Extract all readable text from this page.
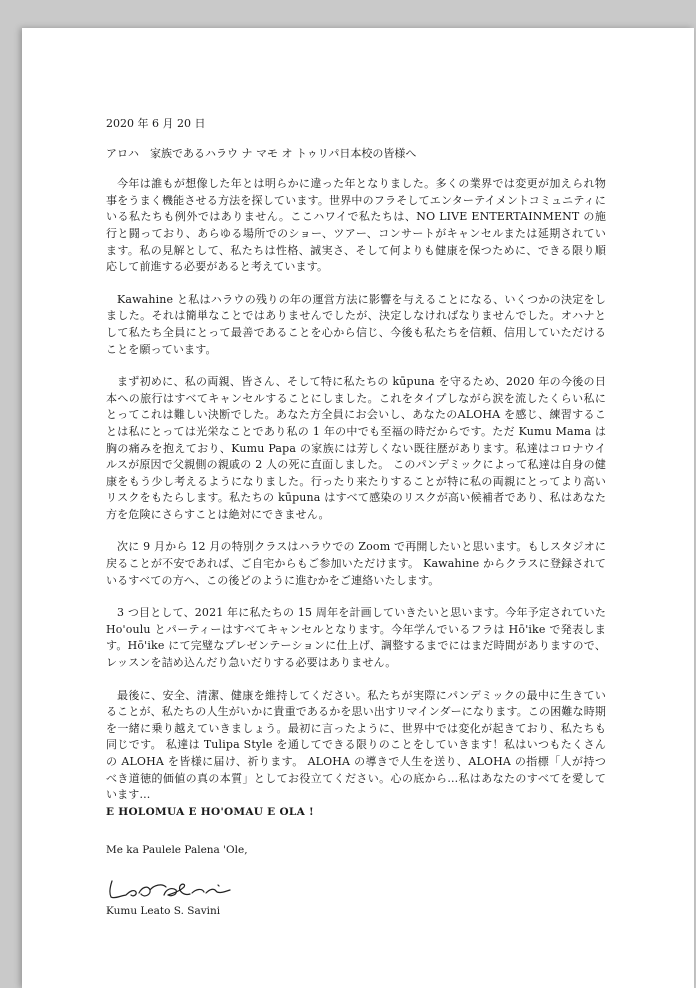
2020 年 6 月 20 日

アロハ　家族であるハラウ ナ マモ オ トゥリパ日本校の皆様へ

今年は誰もが想像した年とは明らかに違った年となりました。多くの業界では変更が加えられ物事をうまく機能させる方法を探しています。世界中のフラそしてエンターテイメントコミュニティにいる私たちも例外ではありません。ここハワイで私たちは、NO LIVE ENTERTAINMENT の施行と闘っており、あらゆる場所でのショー、ツアー、コンサートがキャンセルまたは延期されています。私の見解として、私たちは性格、誠実さ、そして何よりも健康を保つために、できる限り順応して前進する必要があると考えています。

Kawahine と私はハラウの残りの年の運営方法に影響を与えることになる、いくつかの決定をしました。それは簡単なことではありませんでしたが、決定しなければなりませんでした。オハナとして私たち全員にとって最善であることを心から信じ、今後も私たちを信頼、信用していただけることを願っています。

まず初めに、私の両親、皆さん、そして特に私たちの kūpuna を守るため、2020 年の今後の日本への旅行はすべてキャンセルすることにしました。これをタイプしながら涙を流したくらい私にとってこれは難しい決断でした。あなた方全員にお会いし、あなたのALOHA を感じ、練習することは私にとっては光栄なことであり私の 1 年の中でも至福の時だからです。ただ Kumu Mama は胸の痛みを抱えており、Kumu Papa の家族には芳しくない既往歴があります。私達はコロナウイルスが原因で父親側の親戚の 2 人の死に直面しました。 このパンデミックによって私達は自身の健康をもう少し考えるようになりました。行ったり来たりすることが特に私の両親にとってより高いリスクをもたらします。私たちの kūpuna はすべて感染のリスクが高い候補者であり、私はあなた方を危険にさらすことは絶対にできません。

次に 9 月から 12 月の特別クラスはハラウでの Zoom で再開したいと思います。もしスタジオに戻ることが不安であれば、ご自宅からもご参加いただけます。 Kawahine からクラスに登録されているすべての方へ、この後どのように進むかをご連絡いたします。

3 つ目として、2021 年に私たちの 15 周年を計画していきたいと思います。今年予定されていた Ho'oulu とパーティーはすべてキャンセルとなります。今年学んでいるフラは Hō'ike で発表します。Hō'ike にて完璧なプレゼンテーションに仕上げ、調整するまでにはまだ時間がありますので、レッスンを詰め込んだり急いだりする必要はありません。

最後に、安全、清潔、健康を維持してください。私たちが実際にパンデミックの最中に生きていることが、私たちの人生がいかに貴重であるかを思い出すリマインダーになります。この困難な時期を一緒に乗り越えていきましょう。最初に言ったように、世界中では変化が起きており、私たちも同じです。 私達は Tulipa Style を通してできる限りのことをしていきます！私はいつもたくさんの ALOHA を皆様に届け、祈ります。 ALOHA の導きで人生を送り、ALOHA の指標「人が持つべき道徳的価値の真の本質」としてお役立てください。心の底から...私はあなたのすべてを愛しています...

E HOLOMUA E HO'OMAU E OLA !

Me ka Paulele Palena 'Ole,

Kumu Leato S. Savini
